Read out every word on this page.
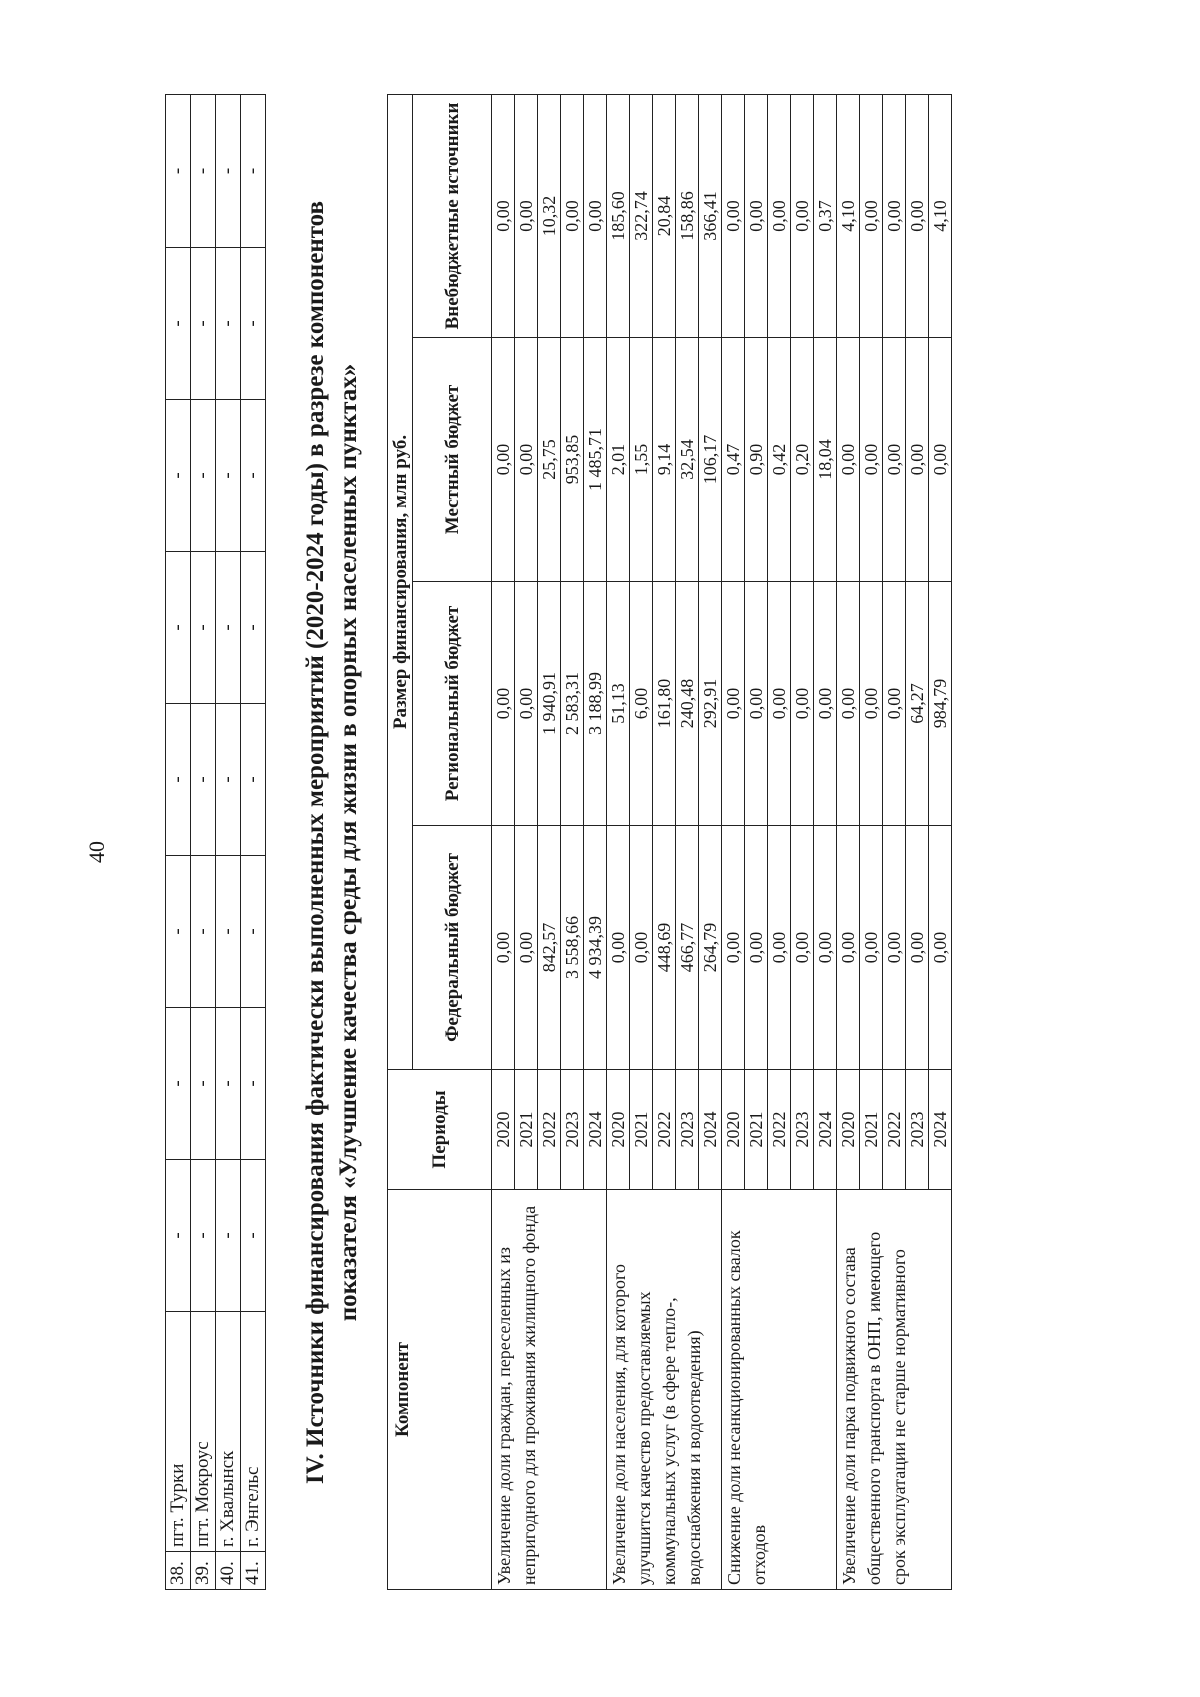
40
38.	пгт. Турки	-	-	-	-	-	-	-	-
39.	пгт. Мокроус	-	-	-	-	-	-	-	-
40.	г. Хвалынск	-	-	-	-	-	-	-	-
41.	г. Энгельс	-	-	-	-	-	-	-	-
IV. Источники финансирования фактически выполненных мероприятий (2020-2024 годы) в разрезе компонентов показателя «Улучшение качества среды для жизни в опорных населенных пунктах»
Компонент	Периоды	Размер финансирования, млн руб.			
		Федеральный бюджет	Региональный бюджет	Местный бюджет	Внебюджетные источники
Увеличение доли граждан, переселенных из непригодного для проживания жилищного фонда	2020	0,00	0,00	0,00	0,00
	2021	0,00	0,00	0,00	0,00
	2022	842,57	1 940,91	25,75	10,32
	2023	3 558,66	2 583,31	953,85	0,00
	2024	4 934,39	3 188,99	1 485,71	0,00
Увеличение доли населения, для которого улучшится качество предоставляемых коммунальных услуг (в сфере тепло-, водоснабжения и водоотведения)	2020	0,00	51,13	2,01	185,60
	2021	0,00	6,00	1,55	322,74
	2022	448,69	161,80	9,14	20,84
	2023	466,77	240,48	32,54	158,86
	2024	264,79	292,91	106,17	366,41
Снижение доли несанкционированных свалок отходов	2020	0,00	0,00	0,47	0,00
	2021	0,00	0,00	0,90	0,00
	2022	0,00	0,00	0,42	0,00
	2023	0,00	0,00	0,20	0,00
	2024	0,00	0,00	18,04	0,37
Увеличение доли парка подвижного состава общественного транспорта в ОНП, имеющего срок эксплуатации не старше нормативного	2020	0,00	0,00	0,00	4,10
	2021	0,00	0,00	0,00	0,00
	2022	0,00	0,00	0,00	0,00
	2023	0,00	64,27	0,00	0,00
	2024	0,00	984,79	0,00	4,10
